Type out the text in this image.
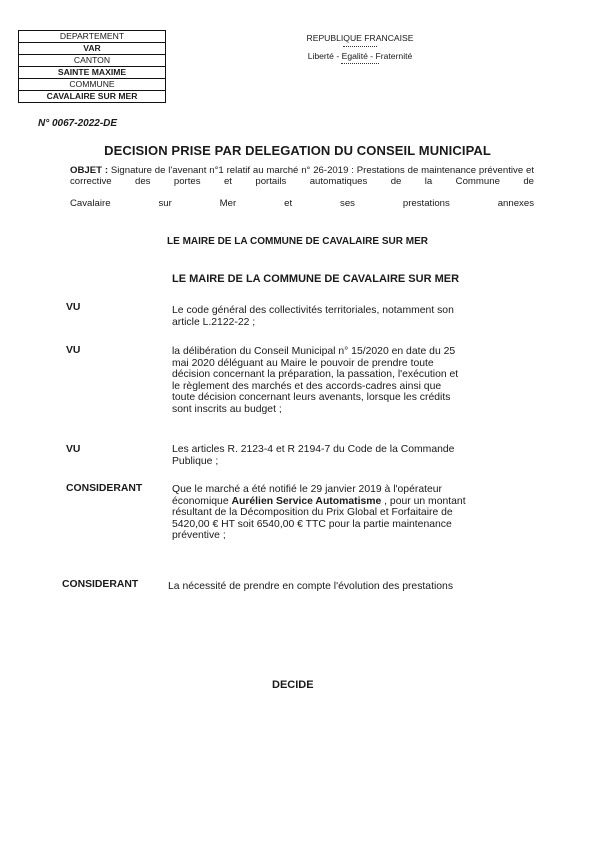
DEPARTEMENT
VAR
CANTON
SAINTE MAXIME
COMMUNE
CAVALAIRE SUR MER
REPUBLIQUE FRANCAISE
Liberté - Egalité - Fraternité
N° 0067-2022-DE
DECISION PRISE PAR DELEGATION DU CONSEIL MUNICIPAL
OBJET : Signature de l'avenant n°1 relatif au marché n° 26-2019 : Prestations de maintenance préventive et corrective des portes et portails automatiques de la Commune de
Cavalaire	sur	Mer	et	ses	prestations	annexes
LE MAIRE DE LA COMMUNE DE CAVALAIRE SUR MER
LE MAIRE DE LA COMMUNE DE CAVALAIRE SUR MER
VU	Le code général des collectivités territoriales, notamment son
article L.2122-22 ;
VU	la délibération du Conseil Municipal n° 15/2020 en date du 25
mai 2020 déléguant au Maire le pouvoir de prendre toute
décision concernant la préparation, la passation, l'exécution et
le règlement des marchés et des accords-cadres ainsi que
toute décision concernant leurs avenants, lorsque les crédits
sont inscrits au budget ;
VU	Les articles R. 2123-4 et R 2194-7 du Code de la Commande
Publique ;
CONSIDERANT	Que le marché a été notifié le 29 janvier 2019 à l'opérateur
économique Aurélien Service Automatisme , pour un montant
résultant de la Décomposition du Prix Global et Forfaitaire de
5420,00 € HT soit 6540,00 € TTC pour la partie maintenance
préventive ;
CONSIDERANT	La nécessité de prendre en compte l'évolution des prestations
DECIDE
